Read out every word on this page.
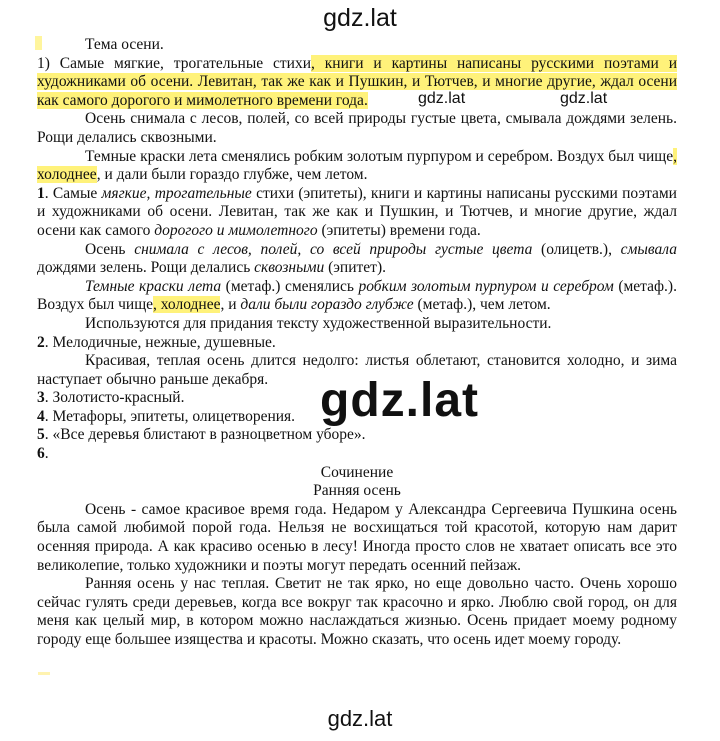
gdz.lat

Тема осени.

1) Самые мягкие, трогательные стихи, книги и картины написаны русскими поэтами и художниками об осени. Левитан, так же как и Пушкин, и Тютчев, и многие другие, ждал осени как самого дорогого и мимолетного времени года.

Осень снимала с лесов, полей, со всей природы густые цвета, смывала дождями зелень. Рощи делались сквозными.

Темные краски лета сменялись робким золотым пурпуром и серебром. Воздух был чище, холоднее, и дали были гораздо глубже, чем летом.

1. Самые мягкие, трогательные стихи (эпитеты), книги и картины написаны русскими поэтами и художниками об осени. Левитан, так же как и Пушкин, и Тютчев, и многие другие, ждал осени как самого дорогого и мимолетного (эпитеты) времени года.

Осень снимала с лесов, полей, со всей природы густые цвета (олицетв.), смывала дождями зелень. Рощи делались сквозными (эпитет).

Темные краски лета (метаф.) сменялись робким золотым пурпуром и серебром (метаф.). Воздух был чище, холоднее, и дали были гораздо глубже (метаф.), чем летом.

Используются для придания тексту художественной выразительности.

2. Мелодичные, нежные, душевные.

Красивая, теплая осень длится недолго: листья облетают, становится холодно, и зима наступает обычно раньше декабря.

3. Золотисто-красный.

4. Метафоры, эпитеты, олицетворения.

5. «Все деревья блистают в разноцветном уборе».

6.

Сочинение

Ранняя осень

Осень - самое красивое время года. Недаром у Александра Сергеевича Пушкина осень была самой любимой порой года. Нельзя не восхищаться той красотой, которую нам дарит осенняя природа. А как красиво осенью в лесу! Иногда просто слов не хватает описать все это великолепие, только художники и поэты могут передать осенний пейзаж.

Ранняя осень у нас теплая. Светит не так ярко, но еще довольно часто. Очень хорошо сейчас гулять среди деревьев, когда все вокруг так красочно и ярко. Люблю свой город, он для меня как целый мир, в котором можно наслаждаться жизнью. Осень придает моему родному городу еще большее изящества и красоты. Можно сказать, что осень идет моему городу.

gdz.lat	gdz.lat
gdz.lat
gdz.lat
